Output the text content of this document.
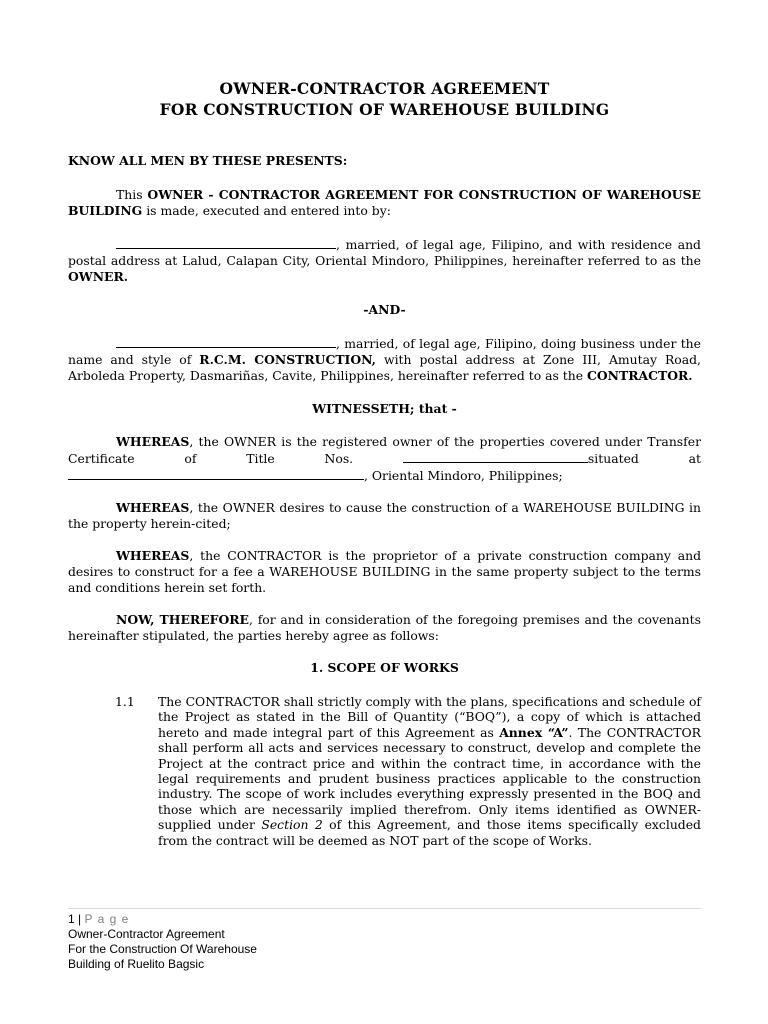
OWNER-CONTRACTOR AGREEMENT
FOR CONSTRUCTION OF WAREHOUSE BUILDING

KNOW ALL MEN BY THESE PRESENTS:

This OWNER - CONTRACTOR AGREEMENT FOR CONSTRUCTION OF WAREHOUSE BUILDING is made, executed and entered into by:

, married, of legal age, Filipino, and with residence and postal address at Lalud, Calapan City, Oriental Mindoro, Philippines, hereinafter referred to as the OWNER.

-AND-

, married, of legal age, Filipino, doing business under the name and style of R.C.M. CONSTRUCTION, with postal address at Zone III, Amutay Road, Arboleda Property, Dasmariñas, Cavite, Philippines, hereinafter referred to as the CONTRACTOR.

WITNESSETH; that -

WHEREAS, the OWNER is the registered owner of the properties covered under Transfer Certificate of Title Nos.	situated at , Oriental Mindoro, Philippines;

WHEREAS, the OWNER desires to cause the construction of a WAREHOUSE BUILDING in the property herein-cited;

WHEREAS, the CONTRACTOR is the proprietor of a private construction company and desires to construct for a fee a WAREHOUSE BUILDING in the same property subject to the terms and conditions herein set forth.

NOW, THEREFORE, for and in consideration of the foregoing premises and the covenants hereinafter stipulated, the parties hereby agree as follows:

1. SCOPE OF WORKS

1.1 The CONTRACTOR shall strictly comply with the plans, specifications and schedule of the Project as stated in the Bill of Quantity (“BOQ”), a copy of which is attached hereto and made integral part of this Agreement as Annex “A”. The CONTRACTOR shall perform all acts and services necessary to construct, develop and complete the Project at the contract price and within the contract time, in accordance with the legal requirements and prudent business practices applicable to the construction industry. The scope of work includes everything expressly presented in the BOQ and those which are necessarily implied therefrom. Only items identified as OWNER-supplied under Section 2 of this Agreement, and those items specifically excluded from the contract will be deemed as NOT part of the scope of Works.
1 | P a g e
Owner-Contractor Agreement
For the Construction Of Warehouse
Building of Ruelito Bagsic
